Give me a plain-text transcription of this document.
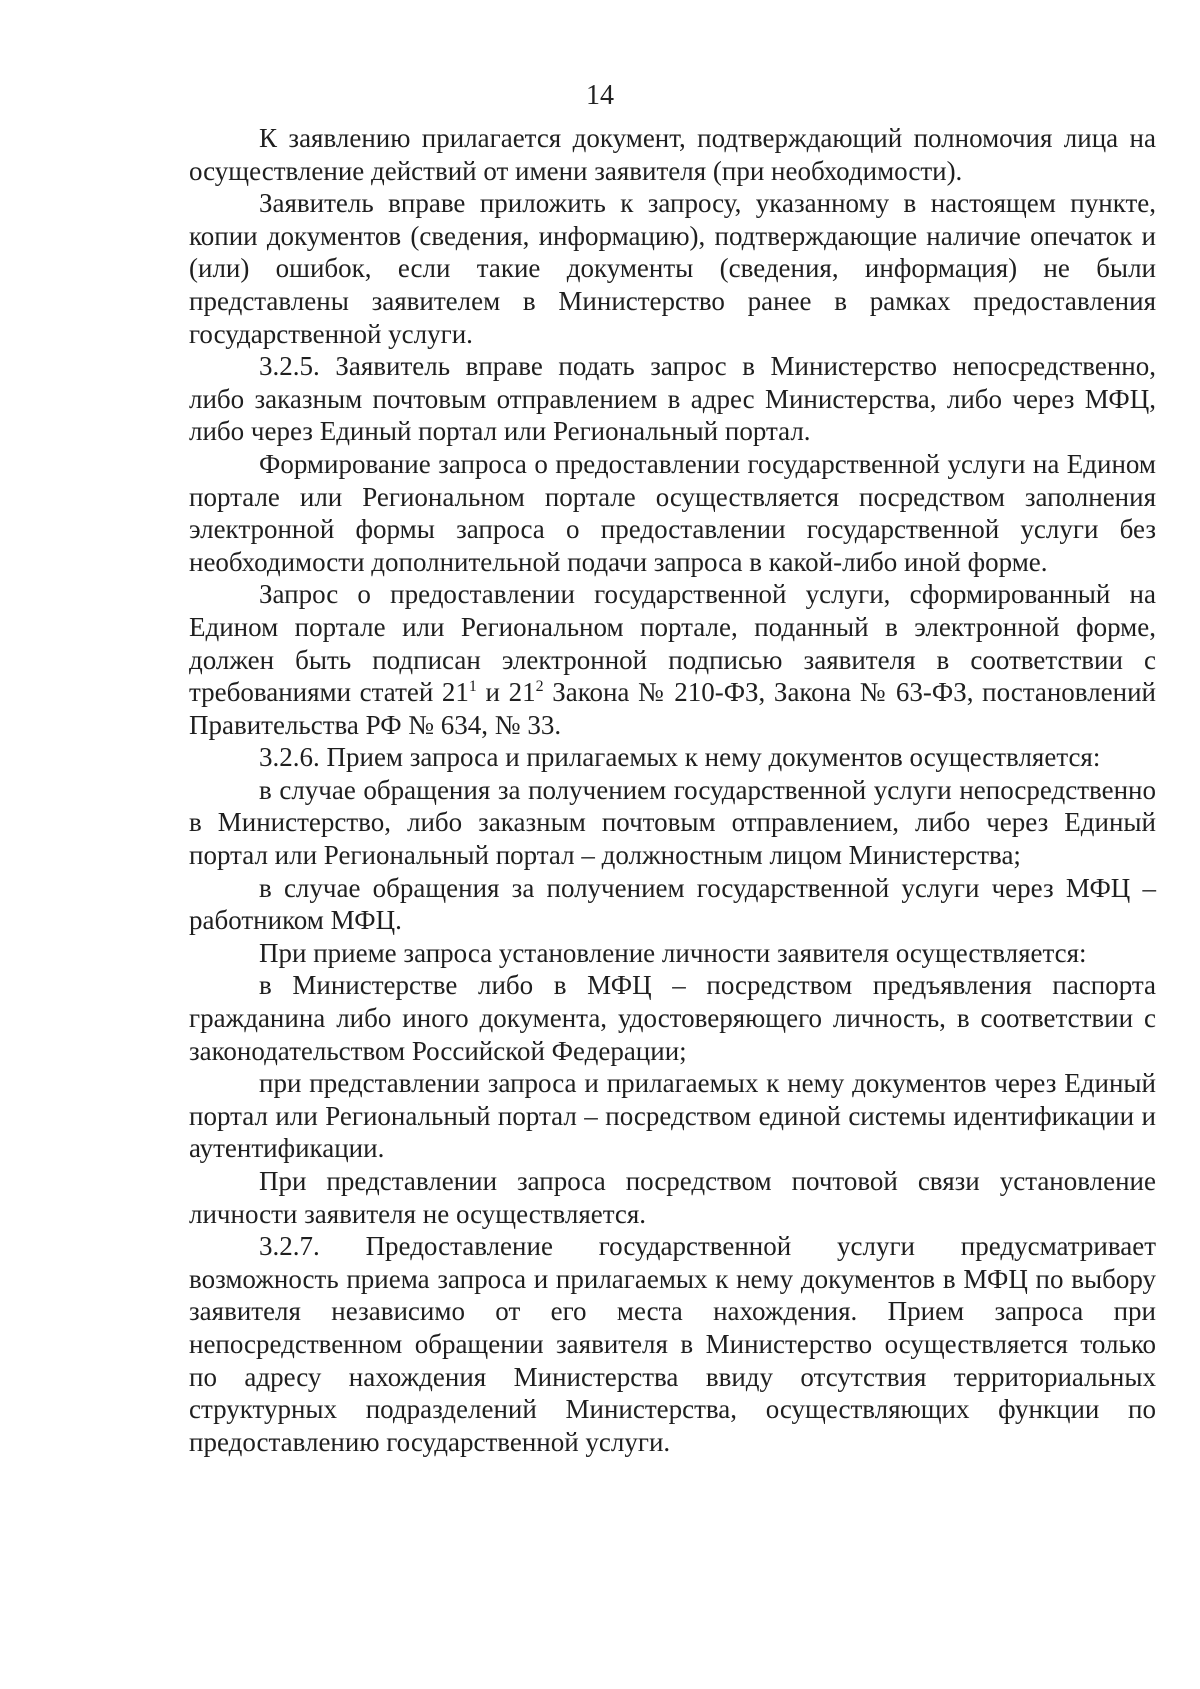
14

К заявлению прилагается документ, подтверждающий полномочия лица на осуществление действий от имени заявителя (при необходимости).

Заявитель вправе приложить к запросу, указанному в настоящем пункте, копии документов (сведения, информацию), подтверждающие наличие опечаток и (или) ошибок, если такие документы (сведения, информация) не были представлены заявителем в Министерство ранее в рамках предоставления государственной услуги.

3.2.5. Заявитель вправе подать запрос в Министерство непосредственно, либо заказным почтовым отправлением в адрес Министерства, либо через МФЦ, либо через Единый портал или Региональный портал.

Формирование запроса о предоставлении государственной услуги на Едином портале или Региональном портале осуществляется посредством заполнения электронной формы запроса о предоставлении государственной услуги без необходимости дополнительной подачи запроса в какой-либо иной форме.

Запрос о предоставлении государственной услуги, сформированный на Едином портале или Региональном портале, поданный в электронной форме, должен быть подписан электронной подписью заявителя в соответствии с требованиями статей $21^1$ и $21^2$ Закона № 210-ФЗ, Закона № 63-ФЗ, постановлений Правительства РФ № 634, № 33.

3.2.6. Прием запроса и прилагаемых к нему документов осуществляется:

в случае обращения за получением государственной услуги непосредственно в Министерство, либо заказным почтовым отправлением, либо через Единый портал или Региональный портал – должностным лицом Министерства;

в случае обращения за получением государственной услуги через МФЦ – работником МФЦ.

При приеме запроса установление личности заявителя осуществляется:

в Министерстве либо в МФЦ – посредством предъявления паспорта гражданина либо иного документа, удостоверяющего личность, в соответствии с законодательством Российской Федерации;

при представлении запроса и прилагаемых к нему документов через Единый портал или Региональный портал – посредством единой системы идентификации и аутентификации.

При представлении запроса посредством почтовой связи установление личности заявителя не осуществляется.

3.2.7. Предоставление государственной услуги предусматривает возможность приема запроса и прилагаемых к нему документов в МФЦ по выбору заявителя независимо от его места нахождения. Прием запроса при непосредственном обращении заявителя в Министерство осуществляется только по адресу нахождения Министерства ввиду отсутствия территориальных структурных подразделений Министерства, осуществляющих функции по предоставлению государственной услуги.
